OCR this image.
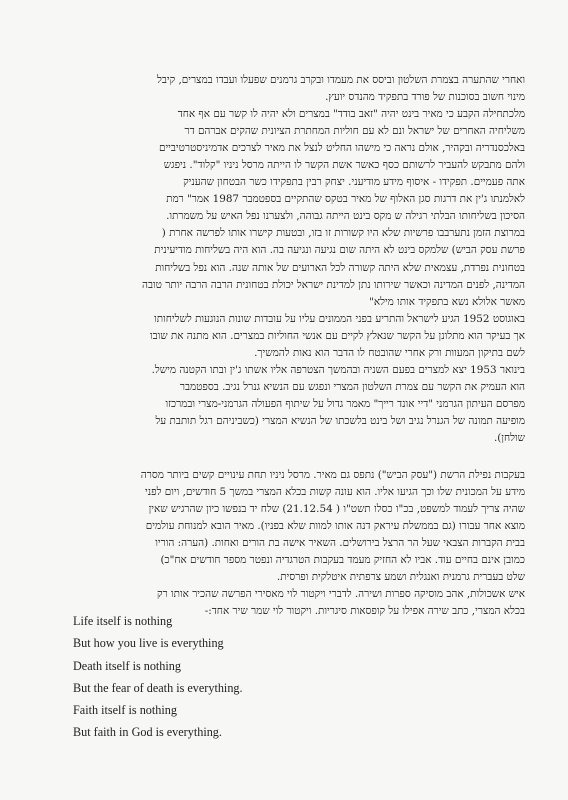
ואחרי שהתערה בצמרת השלטון וביסס את מעמדו ובקרב גרמנים שפעלו ועבדו במצרים, קיבל

מינוי חשוב בסוכנות של פורד בתפקיד מהנדס יועץ.

מלכתחילה הקבע כי מאיר בינט יהיה "זאב בודד" במצרים ולא יהיה לו קשר עם אף אחד

משליחיה האחרים של ישראל ונם לא עם חוליות המחתרת הציונית שהקים אברהם דר

באלכסנדריה ובקהיר, אולם נראה כי מישהו החליט לנצל את מאיר לצרכים אדמיניסטרטיביים

ולהם מתבקש להעביר לרשותם כסף כאשר אשת הקשר לו הייתה מרסל ניניו "קלוד". ניפגש

אתה פעמיים. תפקידו - איסוף מידע מודיעני. יצחק רבין בתפקידו כשר הבטחון שהעניק

לאלמנתו ג'ין את דרגות סגן האלוף של מאיר בטקס שהתקיים בספטמבר 1987 אמר" רמת

הסיכון בשליחותו הבלתי רגילה ש מקס בינט הייתה גבוהה, ולצערנו נפל האיש על משמרתו.

במרוצת הזמן נתערבבו פרשיות שלא היו קשורות זו בזו, ובטעות קישרו אותו לפרשה אחרת (

פרשת עסק הביש) שלמקס בינט לא היתה שום נגיעה ונגיעה בה. הוא היה בשליחות מודיעינית

בטחונית נפרדת, עצמאית שלא היתה קשורה לכל הארועים של אותה שנה. הוא נפל בשליחות

המדינה, לפנים המדינה וכאשר שירותו נתן למדינת ישראל יכולת בטחונית הרבה הרבה יותר טובה

מאשר אלולא נשא בתפקיד אותו מילא"

באוגוסט 1952 הגיע לישראל והתריע בפני הממונים עליו על עובדות שונות הנוגעות לשליחותו

אך בעיקר הוא מתלונן על הקשר שנאלץ לקיים עם אנשי החוליות במצרים. הוא מתנה את שובו

לשם בתיקון המעוות ורק אחרי שהובטח לו הדבר הוא נאות להמשיך.

בינואר 1953 יצא למצרים בפעם השניה ובהמשך הצטרפה אליו אשתו ג'ין ובתו הקטנה מישל.

הוא העמיק את הקשר עם צמרת השלטון המצרי ונפגש עם הנשיא גנרל נגיב. בספטמבר

מפרסם העיתון הגרמני "דיי אונד רייך" מאמר גדול על שיתוף הפעולה הגרמני-מצרי ובמרכזו

מופיעה תמונה של הגנרל נגיב ושל בינט בלשכתו של הנשיא המצרי (כשביניהם רגל תותבת על

שולחן).

בעקבות נפילת הרשת ("עסק הביש") נתפס גם מאיר. מרסל ניניו תחת עינויים קשים ביותר מסרה

מידע על המכונית שלו וכך הגיעו אליו. הוא עונה קשות בכלא המצרי במשך 5 חודשים, ויום לפני

שהיה צריך לעמוד למשפט, בכ"ו כסלו תשט"ו ( 21.12.54) שלח יד בנפשו כיון שהרגיש שאין

מוצא אחר עבורו (גם בממשלת עיראק דנה אותו למוות שלא בפניו). מאיר הובא למנוחת עולמים

בבית הקברות הצבאי שעל הר הרצל בירושלים. השאיר אישה בת הורים ואחות. (הערה: הוריו

כמובן אינם בחיים עוד. אביו לא החזיק מעמד בעקבות הטרגדיה ונפטר מספר חודשים אח"כ)

שלט בעברית גרמנית ואנגלית ושמע צרפתית איטלקית ופרסית.

איש אשכולות, אהב מוסיקה ספרות ושירה. לדברי ויקטור לוי מאסירי הפרשה שהכיר אותו רק

בכלא המצרי, כתב שירה אפילו על קופסאות סיגריות. ויקטור לוי שמר שיר אחד:-

Life itself is nothing
But how you live is everything
Death itself is nothing
But the fear of death is everything.
Faith itself is nothing
But faith in God is everything.
